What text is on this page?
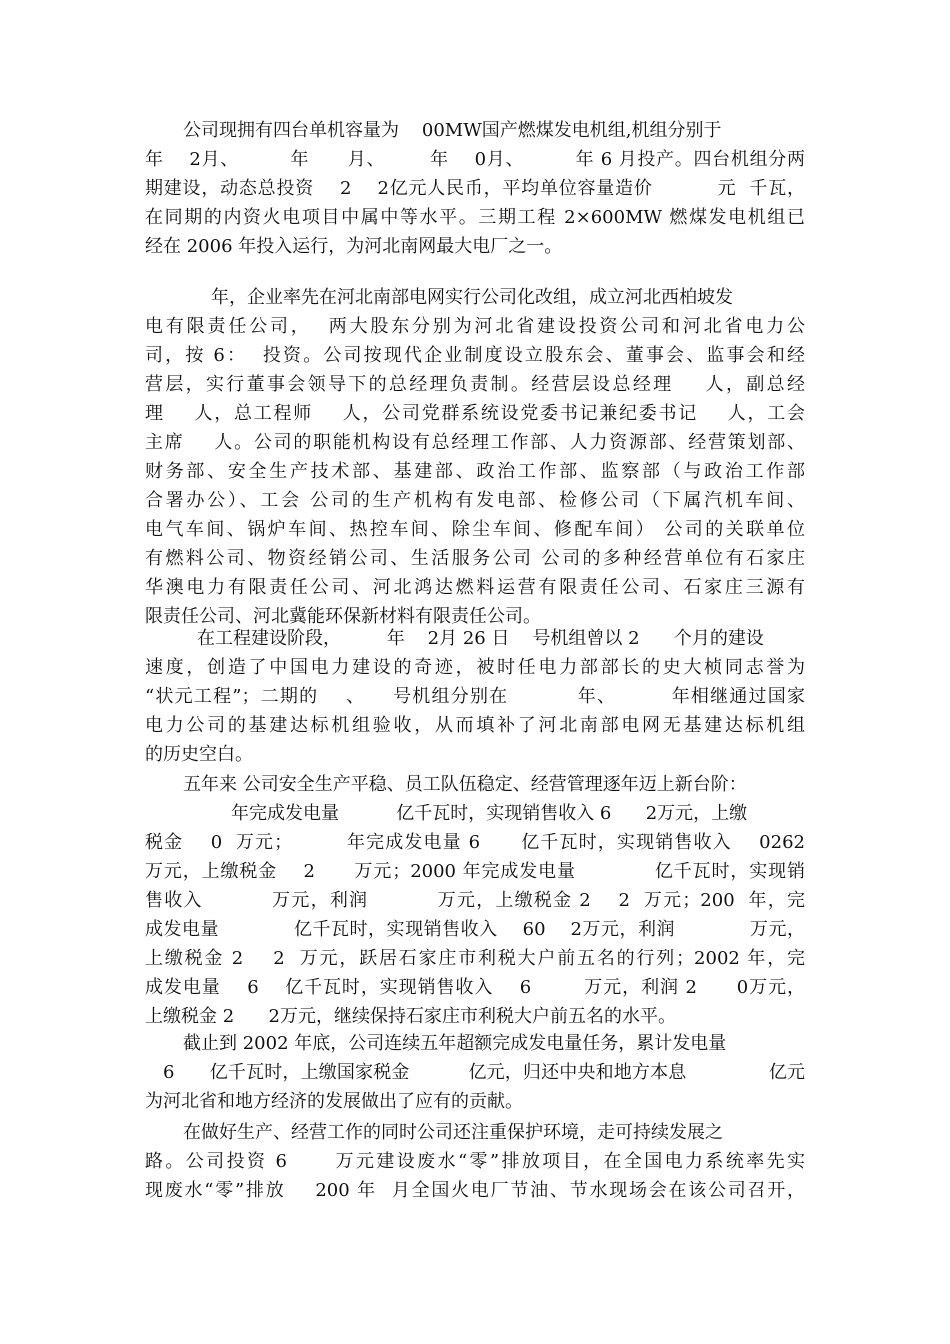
公司现拥有四台单机容量为    00MW国产燃煤发电机组,机组分别于
年    2月、        年      月、       年    0月、        年 6 月投产。四台机组分两
期建设，动态总投资    2    2亿元人民币，平均单位容量造价          元  千瓦，
在同期的内资火电项目中属中等水平。三期工程 2×600MW 燃煤发电机组已
经在 2006 年投入运行，为河北南网最大电厂之一。
年，企业率先在河北南部电网实行公司化改组，成立河北西柏坡发
电有限责任公司，  两大股东分别为河北省建设投资公司和河北省电力公
司，按 6：  投资。公司按现代企业制度设立股东会、董事会、监事会和经
营层，实行董事会领导下的总经理负责制。经营层设总经理    人，副总经
理    人，总工程师    人，公司党群系统设党委书记兼纪委书记    人，工会
主席    人。公司的职能机构设有总经理工作部、人力资源部、经营策划部、
财务部、安全生产技术部、基建部、政治工作部、监察部（与政治工作部
合署办公）、工会 公司的生产机构有发电部、检修公司（下属汽机车间、
电气车间、锅炉车间、热控车间、除尘车间、修配车间） 公司的关联单位
有燃料公司、物资经销公司、生活服务公司 公司的多种经营单位有石家庄
华澳电力有限责任公司、河北鸿达燃料运营有限责任公司、石家庄三源有
限责任公司、河北冀能环保新材料有限责任公司。
在工程建设阶段，        年    2月 26 日    号机组曾以 2      个月的建设
速度，创造了中国电力建设的奇迹，被时任电力部部长的史大桢同志誉为
“状元工程”；二期的    、    号机组分别在          年、        年相继通过国家
电力公司的基建达标机组验收，从而填补了河北南部电网无基建达标机组
的历史空白。
五年来 公司安全生产平稳、员工队伍稳定、经营管理逐年迈上新台阶：
年完成发电量          亿千瓦时，实现销售收入 6      2万元，上缴
税金    0  万元；        年完成发电量 6      亿千瓦时，实现销售收入    0262
万元，上缴税金    2      万元；2000 年完成发电量            亿千瓦时，实现销
售收入          万元，利润          万元，上缴税金 2    2  万元；200  年，完
成发电量            亿千瓦时，实现销售收入    60    2万元，利润            万元，
上缴税金 2    2  万元，跃居石家庄市利税大户前五名的行列；2002 年，完
成发电量    6    亿千瓦时，实现销售收入    6        万元，利润 2      0万元，
上缴税金 2      2万元，继续保持石家庄市利税大户前五名的水平。
截止到 2002 年底，公司连续五年超额完成发电量任务，累计发电量
6      亿千瓦时，上缴国家税金          亿元，归还中央和地方本息              亿元
为河北省和地方经济的发展做出了应有的贡献。
在做好生产、经营工作的同时公司还注重保护环境，走可持续发展之
路。公司投资 6      万元建设废水“零”排放项目，在全国电力系统率先实
现废水“零”排放    200 年  月全国火电厂节油、节水现场会在该公司召开，
